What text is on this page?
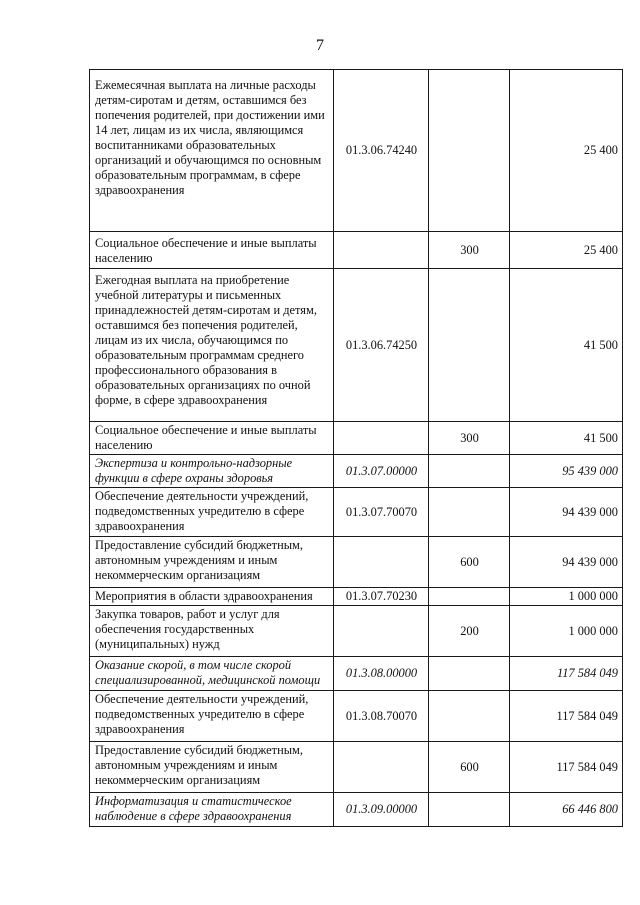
7
Ежемесячная выплата на личные расходы детям-сиротам и детям, оставшимся без попечения родителей, при достижении ими 14 лет, лицам из их числа, являющимся воспитанниками образовательных организаций и обучающимся по основным образовательным программам, в сфере здравоохранения	01.3.06.74240		25 400
Социальное обеспечение и иные выплаты населению		300	25 400
Ежегодная выплата на приобретение учебной литературы и письменных принадлежностей детям-сиротам и детям, оставшимся без попечения родителей, лицам из их числа, обучающимся по образовательным программам среднего профессионального образования в образовательных организациях по очной форме, в сфере здравоохранения	01.3.06.74250		41 500
Социальное обеспечение и иные выплаты населению		300	41 500
Экспертиза и контрольно-надзорные функции в сфере охраны здоровья	01.3.07.00000		95 439 000
Обеспечение деятельности учреждений, подведомственных учредителю в сфере здравоохранения	01.3.07.70070		94 439 000
Предоставление субсидий бюджетным, автономным учреждениям и иным некоммерческим организациям		600	94 439 000
Мероприятия в области здравоохранения	01.3.07.70230		1 000 000
Закупка товаров, работ и услуг для обеспечения государственных (муниципальных) нужд		200	1 000 000
Оказание скорой, в том числе скорой специализированной, медицинской помощи	01.3.08.00000		117 584 049
Обеспечение деятельности учреждений, подведомственных учредителю в сфере здравоохранения	01.3.08.70070		117 584 049
Предоставление субсидий бюджетным, автономным учреждениям и иным некоммерческим организациям		600	117 584 049
Информатизация и статистическое наблюдение в сфере здравоохранения	01.3.09.00000		66 446 800
